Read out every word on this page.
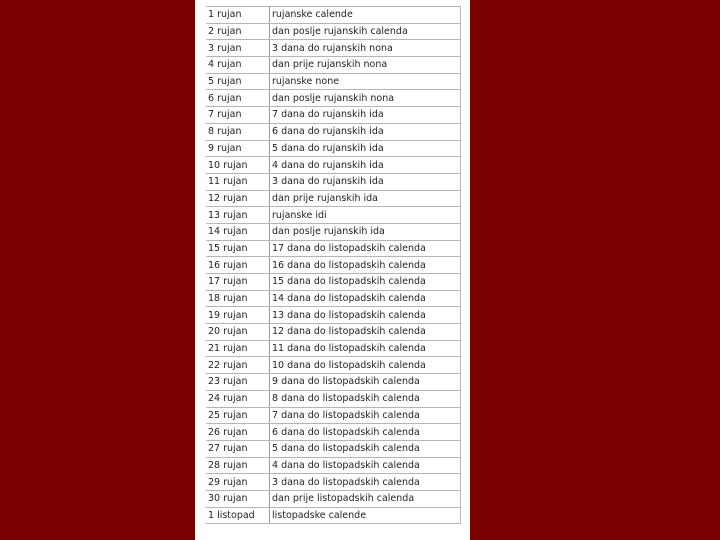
1 rujan	rujanske calende
2 rujan	dan poslje rujanskih calenda
3 rujan	3 dana do rujanskih nona
4 rujan	dan prije rujanskih nona
5 rujan	rujanske none
6 rujan	dan poslje rujanskih nona
7 rujan	7 dana do rujanskih ida
8 rujan	6 dana do rujanskih ida
9 rujan	5 dana do rujanskih ida
10 rujan	4 dana do rujanskih ida
11 rujan	3 dana do rujanskih ida
12 rujan	dan prije rujanskih ida
13 rujan	rujanske idi
14 rujan	dan poslje rujanskih ida
15 rujan	17 dana do listopadskih calenda
16 rujan	16 dana do listopadskih calenda
17 rujan	15 dana do listopadskih calenda
18 rujan	14 dana do listopadskih calenda
19 rujan	13 dana do listopadskih calenda
20 rujan	12 dana do listopadskih calenda
21 rujan	11 dana do listopadskih calenda
22 rujan	10 dana do listopadskih calenda
23 rujan	9 dana do listopadskih calenda
24 rujan	8 dana do listopadskih calenda
25 rujan	7 dana do listopadskih calenda
26 rujan	6 dana do listopadskih calenda
27 rujan	5 dana do listopadskih calenda
28 rujan	4 dana do listopadskih calenda
29 rujan	3 dana do listopadskih calenda
30 rujan	dan prije listopadskih calenda
1 listopad	listopadske calende
